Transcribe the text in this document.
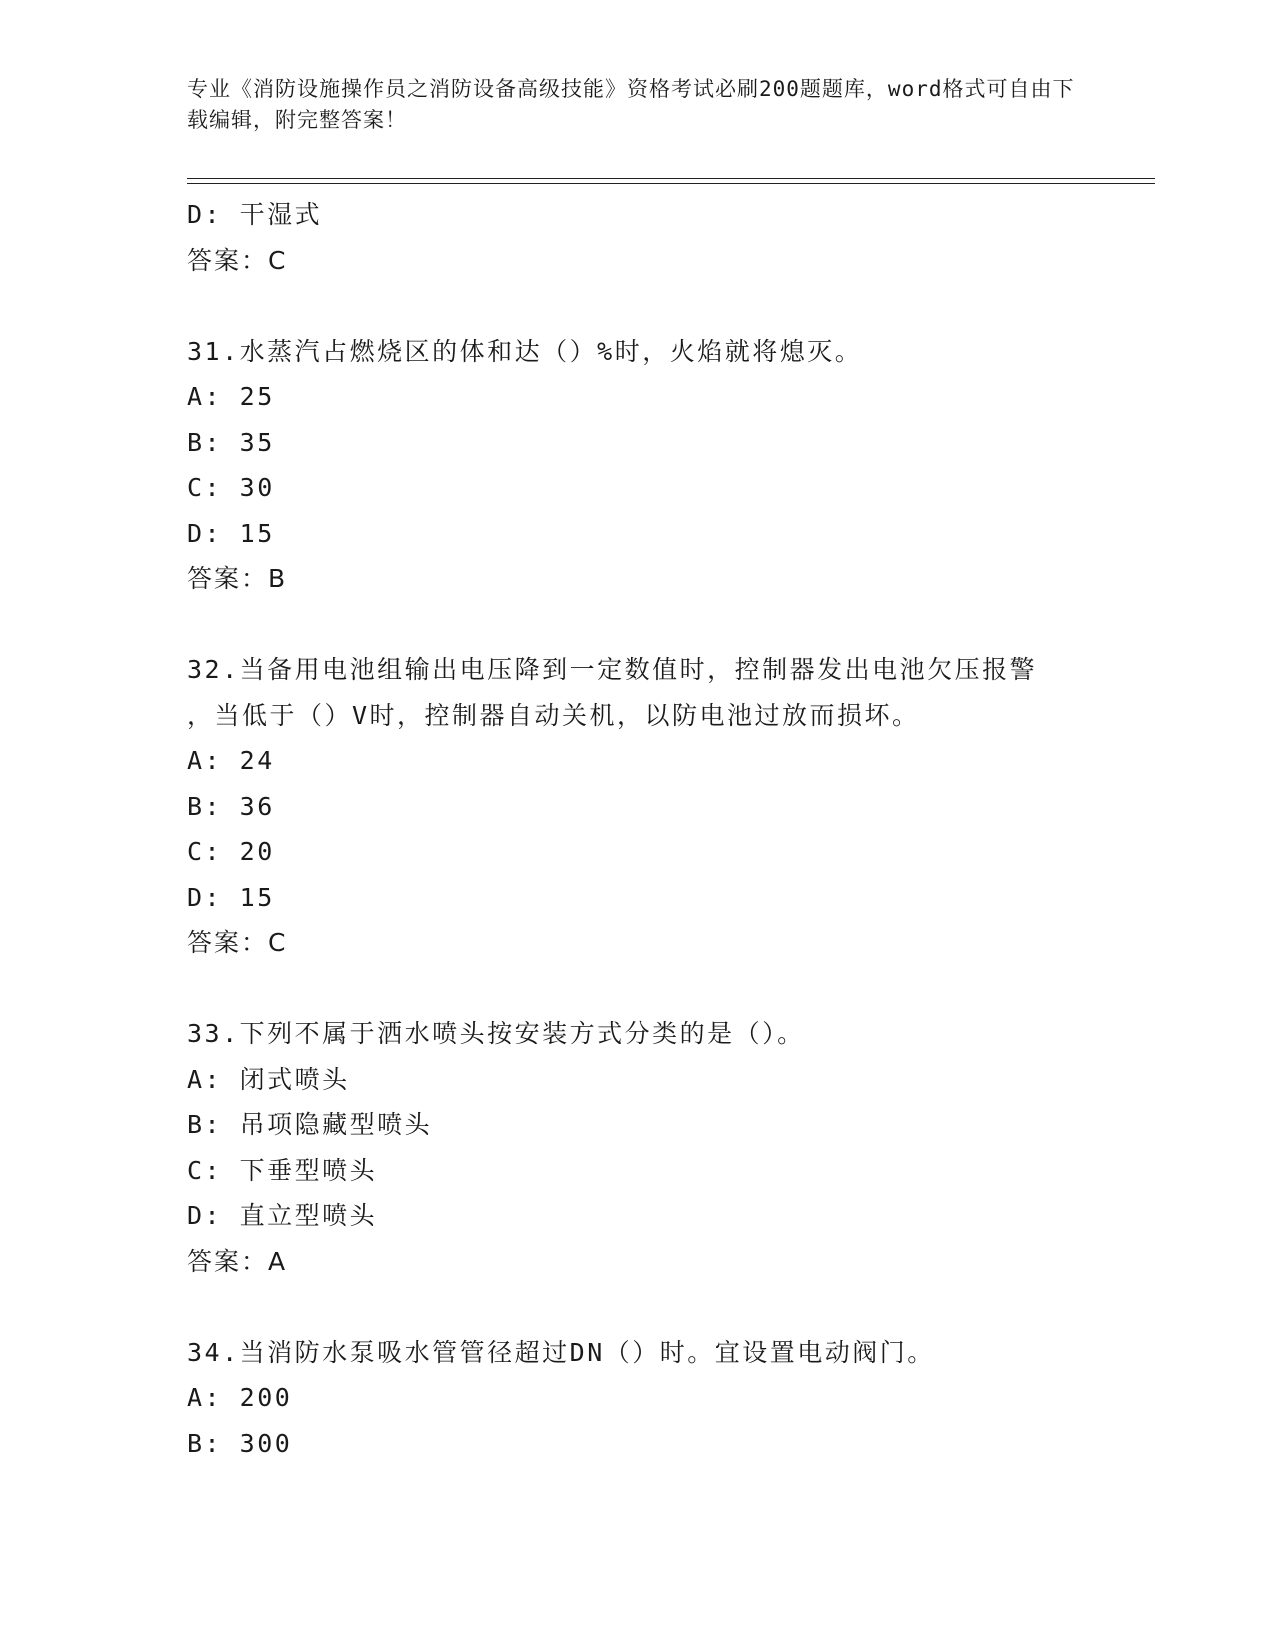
专业《消防设施操作员之消防设备高级技能》资格考试必刷200题题库，word格式可自由下载编辑，附完整答案！
D: 干湿式
答案：C
31.水蒸汽占燃烧区的体和达（）%时，火焰就将熄灭。
A: 25
B: 35
C: 30
D: 15
答案：B
32.当备用电池组输出电压降到一定数值时，控制器发出电池欠压报警
，当低于（）V时，控制器自动关机，以防电池过放而损坏。
A: 24
B: 36
C: 20
D: 15
答案：C
33.下列不属于洒水喷头按安装方式分类的是（）。
A: 闭式喷头
B: 吊项隐藏型喷头
C: 下垂型喷头
D: 直立型喷头
答案：A
34.当消防水泵吸水管管径超过DN（）时。宜设置电动阀门。
A: 200
B: 300
